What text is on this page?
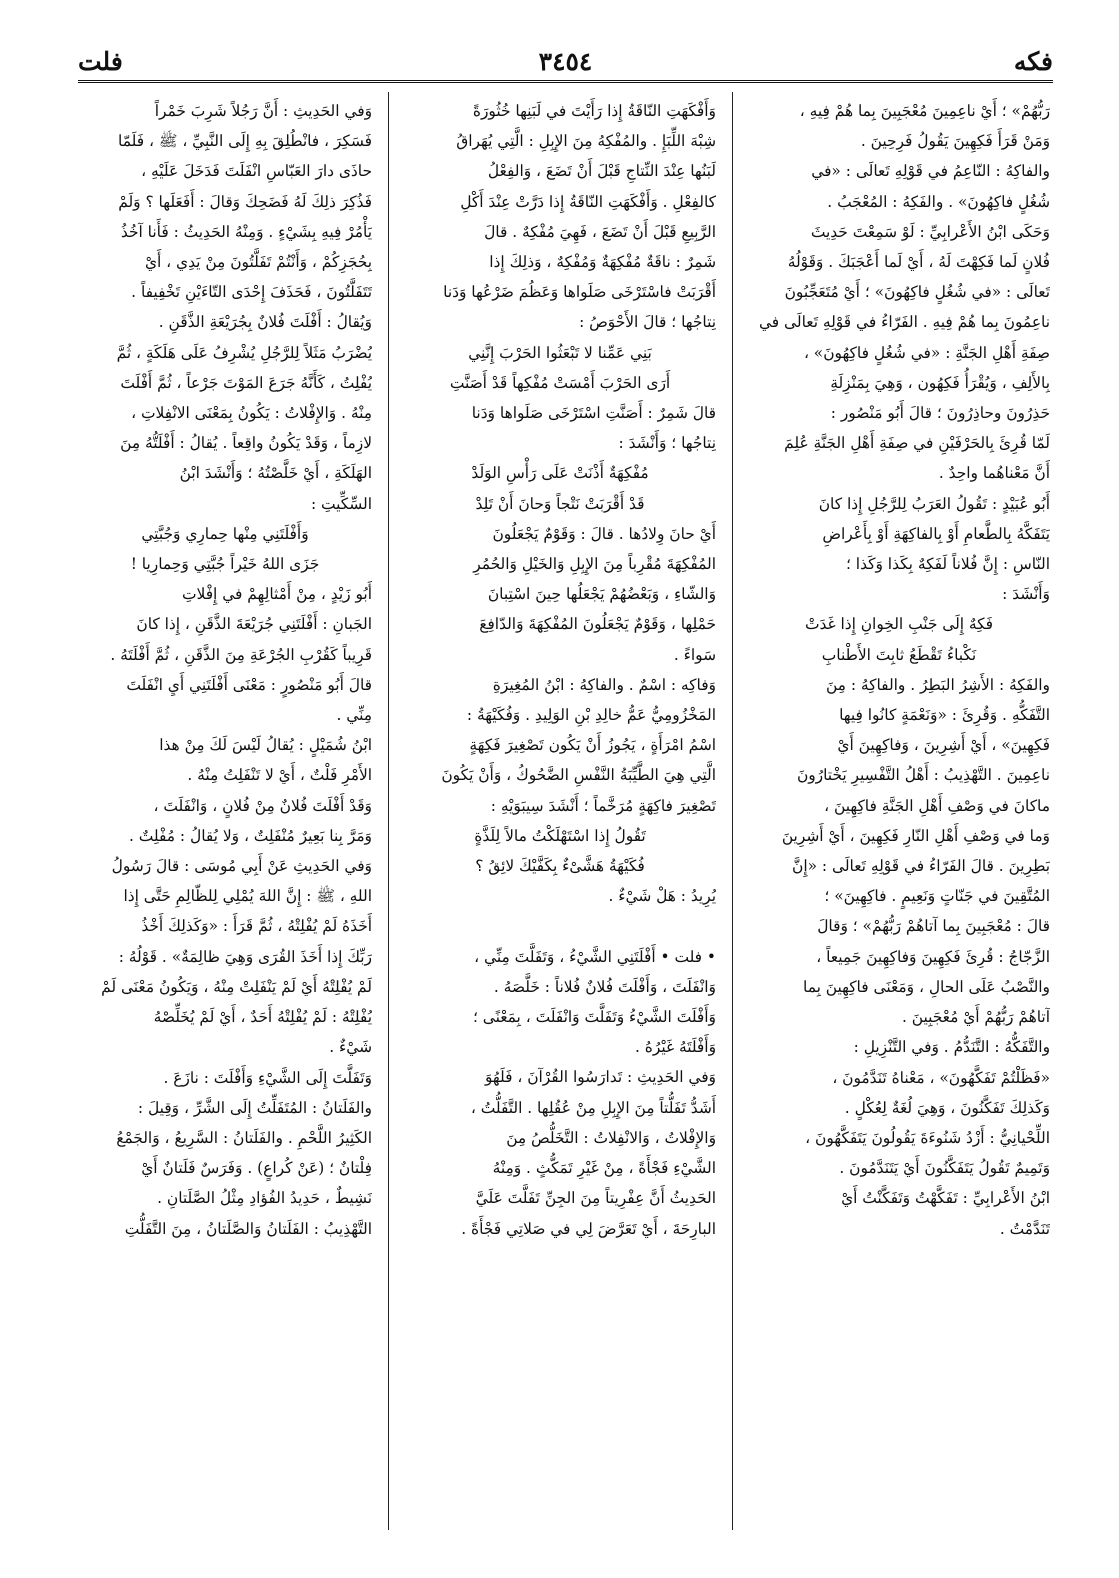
فكه
٣٤٥٤
فلت
رَبُّهُمْ» ؛ أَيْ ناعِمِينَ مُعْجَبِينَ بِما هُمْ فِيهِ ،
وَمَنْ قَرَأَ فَكِهِينَ يَقُولُ فَرِحِينَ .
والفاكِهُ : النّاعِمُ في قَوْلِهِ تَعالَى : «في
شُغُلٍ فاكِهُونَ» . والفَكِهُ : المُعْجَبُ .
وَحَكَى ابْنُ الأَعْرابِيِّ : لَوْ سَمِعْتَ حَدِيثَ
فُلانٍ لَما فَكِهْتَ لَهُ ، أَيْ لَما أَعْجَبَكَ . وَقَوْلُهُ
تَعالَى : «في شُغُلٍ فاكِهُونَ» ؛ أَيْ مُتَعَجِّبُونَ
ناعِمُونَ بِما هُمْ فِيهِ . الفَرّاءُ في قَوْلِهِ تَعالَى في
صِفَةِ أَهْلِ الجَنَّةِ : «في شُغُلٍ فاكِهُونَ» ،
بِالأَلِفِ ، وَيُقْرَأُ فَكِهُون ، وَهِيَ بِمَنْزِلَةِ
حَذِرُونَ وحاذِرُونَ ؛ قالَ أَبُو مَنْصُور :
لَمّا قُرِئَ بِالحَرْفَيْنِ في صِفَةِ أَهْلِ الجَنَّةِ عُلِمَ
أَنَّ مَعْناهُما واحِدٌ .
أَبُو عُبَيْدٍ : تَقُولُ العَرَبُ لِلرَّجُلِ إِذا كانَ
يَتَفَكَّهُ بِالطَّعامِ أَوْ بِالفاكِهَةِ أَوْ بِأَعْراضِ
النّاسِ : إِنَّ فُلاناً لَفَكِهٌ بِكَذا وَكَذا ؛
وَأَنْشَدَ :
فَكِهٌ إِلَى جَنْبِ الخِوانِ إِذا غَدَتْ
نَكْباءُ تَقْطَعُ ثابِتَ الأَطْنابِ
والفَكِهُ : الأَشِرُ البَطِرُ . والفاكِهُ : مِنَ
التَّفَكُّهِ . وَقُرِئَ : «وَنَعْمَةٍ كانُوا فِيها
فَكِهِينَ» ، أَيْ أَشِرِينَ ، وَفاكِهِينَ أَيْ
ناعِمِينَ . التَّهْذِيبُ : أَهْلُ التَّفْسِيرِ يَخْتارُونَ
ماكانَ في وَصْفِ أَهْلِ الجَنَّةِ فاكِهِينَ ،
وَما في وَصْفِ أَهْلِ النّارِ فَكِهِينَ ، أَيْ أَشِرِينَ
بَطِرِينَ . قالَ الفَرّاءُ في قَوْلِهِ تَعالَى : «إِنَّ
المُتَّقِينَ في جَنّاتٍ وَنَعِيمٍ . فاكِهِينَ» ؛
قالَ : مُعْجَبِينَ بِما آتاهُمْ رَبُّهُمْ» ؛ وَقالَ
الزَّجّاجُ : قُرِئَ فَكِهِينَ وَفاكِهِينَ جَمِيعاً ،
والنَّصْبُ عَلَى الحالِ ، وَمَعْنَى فاكِهِينَ بِما
آتاهُمْ رَبُّهُمْ أَيْ مُعْجَبِينَ .
والتَّفَكُّهُ : التَّنَدُّمُ . وَفي التَّنْزِيلِ :
«فَظَلْتُمْ تَفَكَّهُونَ» ، مَعْناهُ تَنَدَّمُونَ ،
وَكَذلِكَ تَفَكَّنُونَ ، وَهِيَ لُغَةٌ لِعُكْلٍ .
اللِّحْيانِيُّ : أَزْدُ شَنُوءَةَ يَقُولُونَ يَتَفَكَّهُونَ ،
وَتَمِيمٌ تَقُولُ يَتَفَكَّنُونَ أَيْ يَتَنَدَّمُونَ .
ابْنُ الأَعْرابِيِّ : تَفَكَّهْتُ وَتَفَكَّنْتُ أَيْ
تَنَدَّمْتُ .
وَأَفْكَهَتِ النّاقَةُ إِذا رَأَيْتَ في لَبَنِها خُثُورَةً
شِبْهَ اللِّبَإِ . والمُفْكِهُ مِنَ الإِبِلِ : الَّتِي يُهَراقُ
لَبَنُها عِنْدَ النِّتاجِ قَبْلَ أَنْ تَضَعَ ، وَالفِعْلُ
كالفِعْلِ . وَأَفْكَهَتِ النّاقَةُ إِذا دَرَّتْ عِنْدَ أَكْلِ
الرَّبِيعِ قَبْلَ أَنْ تَضَعَ ، فَهِيَ مُفْكِهٌ . قالَ
شَمِرٌ : ناقَةٌ مُفْكِهَةٌ وَمُفْكِهٌ ، وَذلِكَ إِذا
أَقْرَبَتْ فاسْتَرْخَى صَلَواها وَعَظُمَ ضَرْعُها وَدَنا
نِتاجُها ؛ قالَ الأَحْوَصُ :
بَنِي عَمِّنا لا تَبْعَثُوا الحَرْبَ إِنَّنِي
أَرَى الحَرْبَ أَمْسَتْ مُفْكِهاً قَدْ أَصَنَّتِ
قالَ شَمِرٌ : أَصَنَّتِ اسْتَرْخَى صَلَواها وَدَنا
نِتاجُها ؛ وَأَنْشَدَ :
مُفْكِهَةٌ أَذْنَتْ عَلَى رَأْسِ الوَلَدْ
قَدْ أَقْرَبَتْ نَتْجاً وَحانَ أَنْ تَلِدْ
أَيْ حانَ وِلادُها . قالَ : وَقَوْمٌ يَجْعَلُونَ
المُفْكِهَةَ مُقْرِباً مِنَ الإِبِلِ وَالخَيْلِ وَالحُمُرِ
وَالشّاءِ ، وَبَعْضُهُمْ يَجْعَلُها حِينَ اسْتِبانَ
حَمْلِها ، وَقَوْمٌ يَجْعَلُونَ المُفْكِهَةَ وَالدّافِعَ
سَواءً .
وَفاكِه : اسْمٌ . والفاكِهُ : ابْنُ المُغِيرَةِ
المَخْزُومِيُّ عَمُّ خالِدِ بْنِ الوَلِيدِ . وَفُكَيْهَةُ :
اسْمُ امْرَأَةٍ ، يَجُوزُ أَنْ يَكُون تَصْغِيرَ فَكِهَةٍ
الَّتِي هِيَ الطَّيِّبَةُ النَّفْسِ الضَّحُوكُ ، وَأَنْ يَكُونَ
تَصْغِيرَ فاكِهَةٍ مُرَخَّماً ؛ أَنْشَدَ سِيبَوَيْهِ :
تَقُولُ إِذا اسْتَهْلَكْتُ مالاً لِلَذَّةٍ
فُكَيْهَةُ هَشَّىْءٌ بِكَفَّيْكَ لائِقُ ؟
يُرِيدُ : هَلْ شَيْءٌ .
• فلت • أَفْلَتَنِي الشَّيْءُ ، وَتَفَلَّتَ مِنِّي ،
وَانْفَلَتَ ، وَأَفْلَتَ فُلانٌ فُلاناً : خَلَّصَهُ .
وَأَفْلَتَ الشَّيْءُ وَتَفَلَّتَ وَانْفَلَتَ ، بِمَعْنًى ؛
وَأَفْلَتَهُ غَيْرُهُ .
وَفي الحَدِيثِ : تَدارَسُوا القُرْآنَ ، فَلَهُوَ
أَشَدُّ تَفَلُّتاً مِنَ الإِبِلِ مِنْ عُقُلِها . التَّفَلُّتُ ،
وَالإِفْلاتُ ، وَالانْفِلاتُ : التَّخَلُّصُ مِنَ
الشَّيْءِ فَجْأَةً ، مِنْ غَيْرِ تَمَكُّثٍ . وَمِنْهُ
الحَدِيثُ أَنَّ عِفْرِيتاً مِنَ الجِنِّ تَفَلَّتَ عَلَيَّ
البارِحَةَ ، أَيْ تَعَرَّضَ لِي في صَلاتِي فَجْأَةً .
وَفي الحَدِيثِ : أَنَّ رَجُلاً شَرِبَ خَمْراً
فَسَكِرَ ، فانْطُلِقَ بِهِ إِلَى النَّبِيِّ ، ﷺ ، فَلَمّا
حاذَى دارَ العَبّاسِ انْفَلَتَ فَدَخَلَ عَلَيْهِ ،
فَذُكِرَ ذلِكَ لَهُ فَضَحِكَ وَقالَ : أَفَعَلَها ؟ وَلَمْ
يَأْمُرْ فِيهِ بِشَيْءٍ . وَمِنْهُ الحَدِيثُ : فَأَنا آخُذُ
بِحُجَزِكُمْ ، وَأَنْتُمْ تَفَلَّتُونَ مِنْ يَدِي ، أَيْ
تَتَفَلَّتُونَ ، فَحَذَفَ إِحْدَى التّاءَيْنِ تَخْفِيفاً .
وَيُقالُ : أَفْلَتَ فُلانٌ بِجُرَيْعَةِ الذَّقَنِ .
يُضْرَبُ مَثَلاً لِلرَّجُلِ يُشْرِفُ عَلَى هَلَكَةٍ ، ثُمَّ
يُفْلِتُ ، كَأَنَّهُ جَرَعَ المَوْتَ جَرْعاً ، ثُمَّ أَفْلَتَ
مِنْهُ . وَالإِفْلاتُ : يَكُونُ بِمَعْنَى الانْفِلاتِ ،
لازِماً ، وَقَدْ يَكُونُ واقِعاً . يُقالُ : أَفْلَتُّهُ مِنَ
الهَلَكَةِ ، أَيْ خَلَّصْتُهُ ؛ وَأَنْشَدَ ابْنُ
السِّكِّيتِ :
وَأَفْلَتَنِي مِنْها حِمارِي وَجُبَّتِي
جَزَى اللهُ خَيْراً جُبَّتِي وَحِمارِيا !
أَبُو زَيْدٍ ، مِنْ أَمْثالِهِمْ في إِفْلاتِ
الجَبانِ : أَفْلَتَنِي جُرَيْعَةَ الذَّقَنِ ، إِذا كانَ
قَرِيباً كَقُرْبِ الجُرْعَةِ مِنَ الذَّقَنِ ، ثُمَّ أَفْلَتَهُ .
قالَ أَبُو مَنْصُورٍ : مَعْنَى أَفْلَتَنِي أَيِ انْفَلَتَ
مِنِّي .
ابْنُ شُمَيْلٍ : يُقالُ لَيْسَ لَكَ مِنْ هذا
الأَمْرِ فَلْتٌ ، أَيْ لا تَنْفَلِتُ مِنْهُ .
وَقَدْ أَفْلَتَ فُلانٌ مِنْ فُلانٍ ، وَانْفَلَتَ ،
وَمَرَّ بِنا بَعِيرٌ مُنْفَلِتٌ ، وَلا يُقالُ : مُفْلِتٌ .
وَفي الحَدِيثِ عَنْ أَبِي مُوسَى : قالَ رَسُولُ
اللهِ ، ﷺ : إِنَّ اللهَ يُمْلِي لِلظّالِمِ حَتَّى إِذا
أَخَذَهُ لَمْ يُفْلِتْهُ ، ثُمَّ قَرَأَ : «وَكَذلِكَ أَخْذُ
رَبِّكَ إِذا أَخَذَ القُرَى وَهِيَ ظالِمَةٌ» . قَوْلُهُ :
لَمْ يُفْلِتْهُ أَيْ لَمْ يَنْفَلِتْ مِنْهُ ، وَيَكُونُ مَعْنَى لَمْ
يُفْلِتْهُ : لَمْ يُفْلِتْهُ أَحَدٌ ، أَيْ لَمْ يُخَلِّصْهُ
شَيْءٌ .
وَتَفَلَّتَ إِلَى الشَّيْءِ وَأَفْلَتَ : نازَعَ .
والفَلَتانُ : المُتَفَلِّتُ إِلَى الشَّرِّ ، وَقِيلَ :
الكَثِيرُ اللَّحْمِ . والفَلَتانُ : السَّرِيعُ ، وَالجَمْعُ
فِلْتانٌ ؛ (عَنْ كُراعٍ) . وَفَرَسٌ فَلَتانٌ أَيْ
نَشِيطٌ ، حَدِيدُ الفُؤادِ مِثْلُ الصَّلَتانِ .
التَّهْذِيبُ : الفَلَتانُ وَالصَّلَتانُ ، مِنَ التَّفَلُّتِ
